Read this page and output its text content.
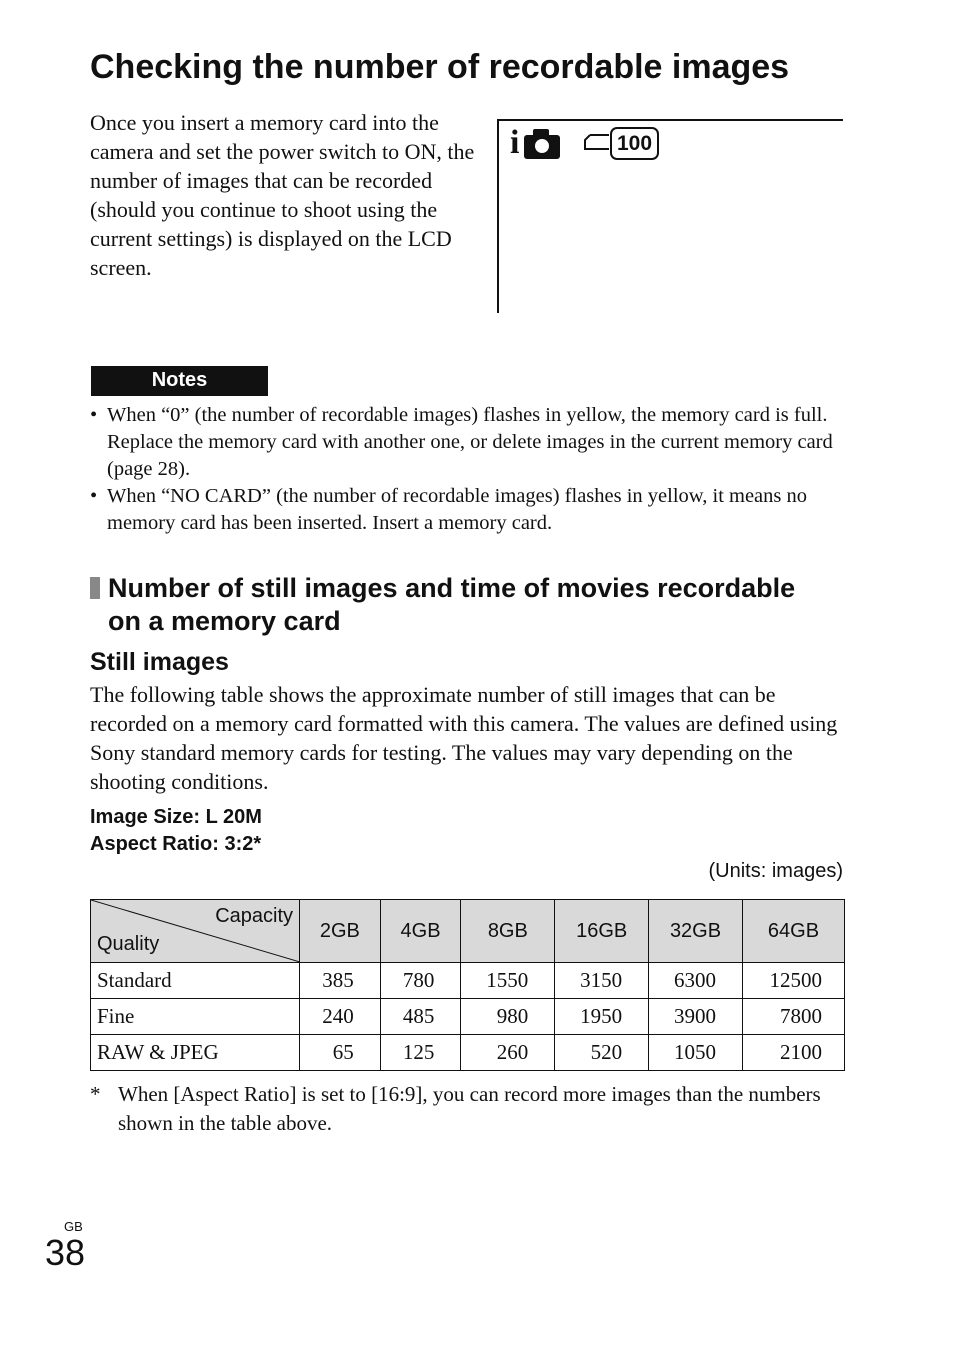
Checking the number of recordable images
Once you insert a memory card into the camera and set the power switch to ON, the number of images that can be recorded (should you continue to shoot using the current settings) is displayed on the LCD screen.
i	100
Notes
• When “0” (the number of recordable images) flashes in yellow, the memory card is full. Replace the memory card with another one, or delete images in the current memory card (page 28).
• When “NO CARD” (the number of recordable images) flashes in yellow, it means no memory card has been inserted. Insert a memory card.
Number of still images and time of movies recordable
on a memory card
Still images
The following table shows the approximate number of still images that can be recorded on a memory card formatted with this camera. The values are defined using Sony standard memory cards for testing. The values may vary depending on the shooting conditions.
Image Size: L 20M
Aspect Ratio: 3:2*
(Units: images)
Capacity
Quality	2GB	4GB	8GB	16GB	32GB	64GB
Standard	385	780	1550	3150	6300	12500
Fine	240	485	980	1950	3900	7800
RAW & JPEG	65	125	260	520	1050	2100
* When [Aspect Ratio] is set to [16:9], you can record more images than the numbers shown in the table above.
GB
38
